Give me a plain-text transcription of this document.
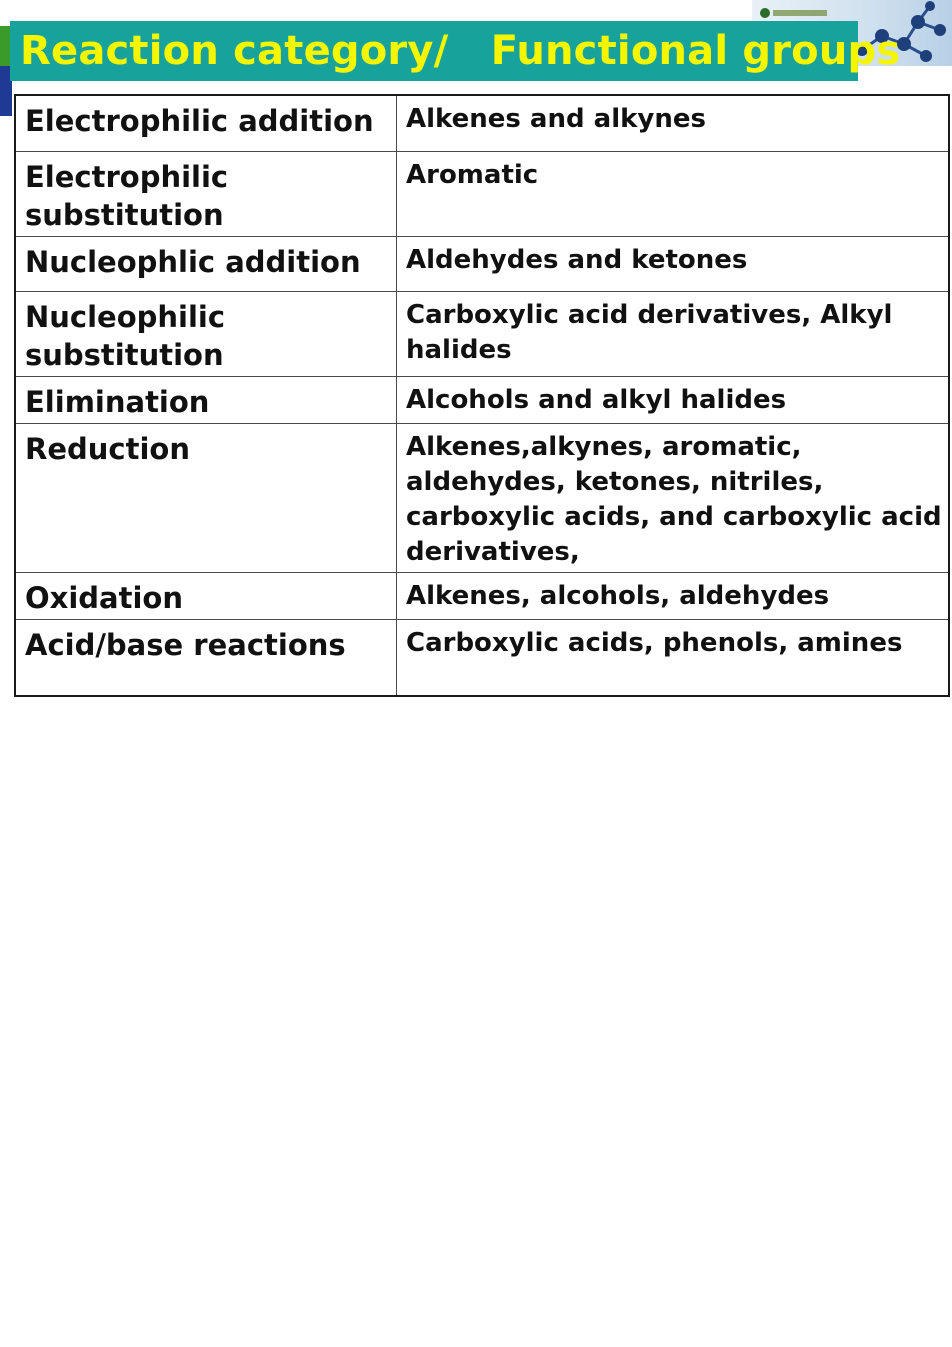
Reaction category/   Functional groups
Electrophilic addition	Alkenes and alkynes
Electrophilic substitution	Aromatic
Nucleophlic addition	Aldehydes and ketones
Nucleophilic substitution	Carboxylic acid derivatives, Alkyl halides
Elimination	Alcohols and alkyl halides
Reduction	Alkenes,alkynes, aromatic, aldehydes, ketones, nitriles, carboxylic acids, and carboxylic acid derivatives,
Oxidation	Alkenes, alcohols, aldehydes
Acid/base reactions	Carboxylic acids, phenols, amines
